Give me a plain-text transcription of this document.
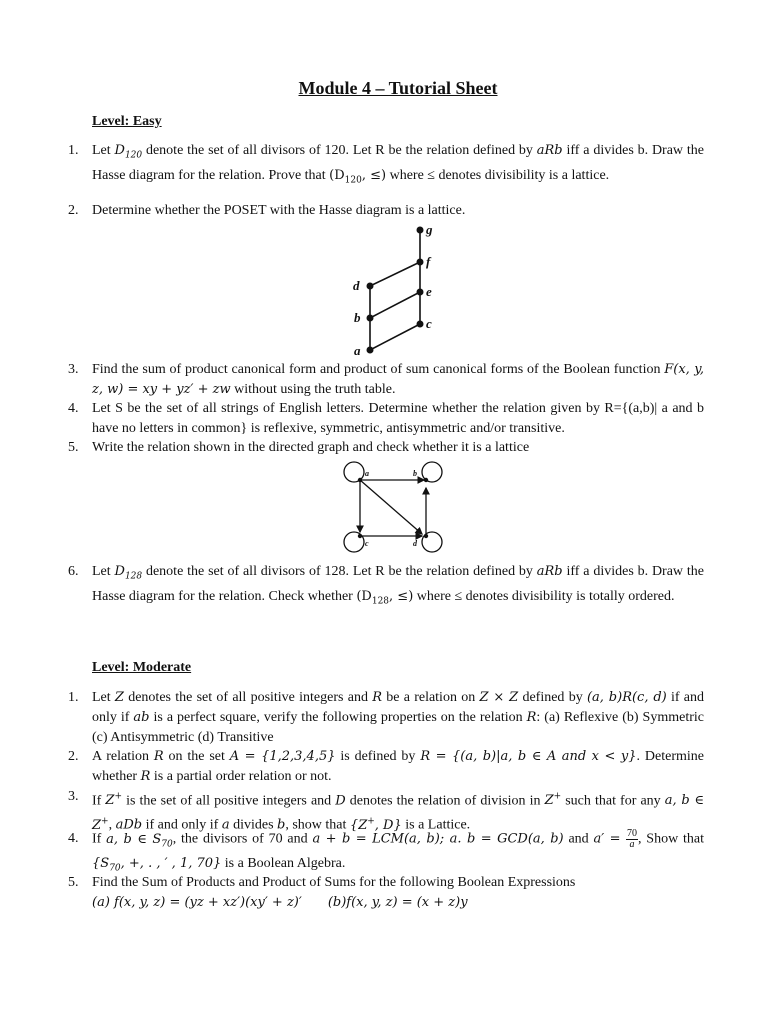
Module 4 – Tutorial Sheet
Level: Easy
1. Let $D_{120}$ denote the set of all divisors of 120. Let R be the relation defined by aRb iff a divides b. Draw the Hasse diagram for the relation. Prove that ($D_{120}$, ≤) where ≤ denotes divisibility is a lattice.
2. Determine whether the POSET with the Hasse diagram is a lattice.
g
f
d	e
b	c
a
3. Find the sum of product canonical form and product of sum canonical forms of the Boolean function F(x, y, z, w) = xy + yz′ + zw without using the truth table.
4. Let S be the set of all strings of English letters. Determine whether the relation given by R={(a,b)| a and b have no letters in common} is reflexive, symmetric, antisymmetric and/or transitive.
5. Write the relation shown in the directed graph and check whether it is a lattice
a	b
c	d
6. Let $D_{128}$ denote the set of all divisors of 128. Let R be the relation defined by aRb iff a divides b. Draw the Hasse diagram for the relation. Check whether ($D_{128}$, ≤) where ≤ denotes divisibility is totally ordered.
Level: Moderate
1. Let Z denotes the set of all positive integers and R be a relation on Z × Z defined by (a, b)R(c, d) if and only if ab is a perfect square, verify the following properties on the relation R: (a) Reflexive (b) Symmetric (c) Antisymmetric (d) Transitive
2. A relation R on the set A = {1,2,3,4,5} is defined by R = {(a, b)|a, b ∈ A and x < y}. Determine whether R is a partial order relation or not.
3. If Z+ is the set of all positive integers and D denotes the relation of division in Z+ such that for any a, b ∈ Z+, aDb if and only if a divides b, show that {Z+, D} is a Lattice.
4. If a, b ∈ $S_{70}$, the divisors of 70 and a + b = LCM(a, b); a. b = GCD(a, b) and $a' = \frac{70}{a}$ , Show that {$S_{70}$, +, . , ′ , 1, 70} is a Boolean Algebra.
5. Find the Sum of Products and Product of Sums for the following Boolean Expressions
(a) f(x, y, z) = (yz + xz′)(xy′ + z)′ (b)f(x, y, z) = (x + z)y
